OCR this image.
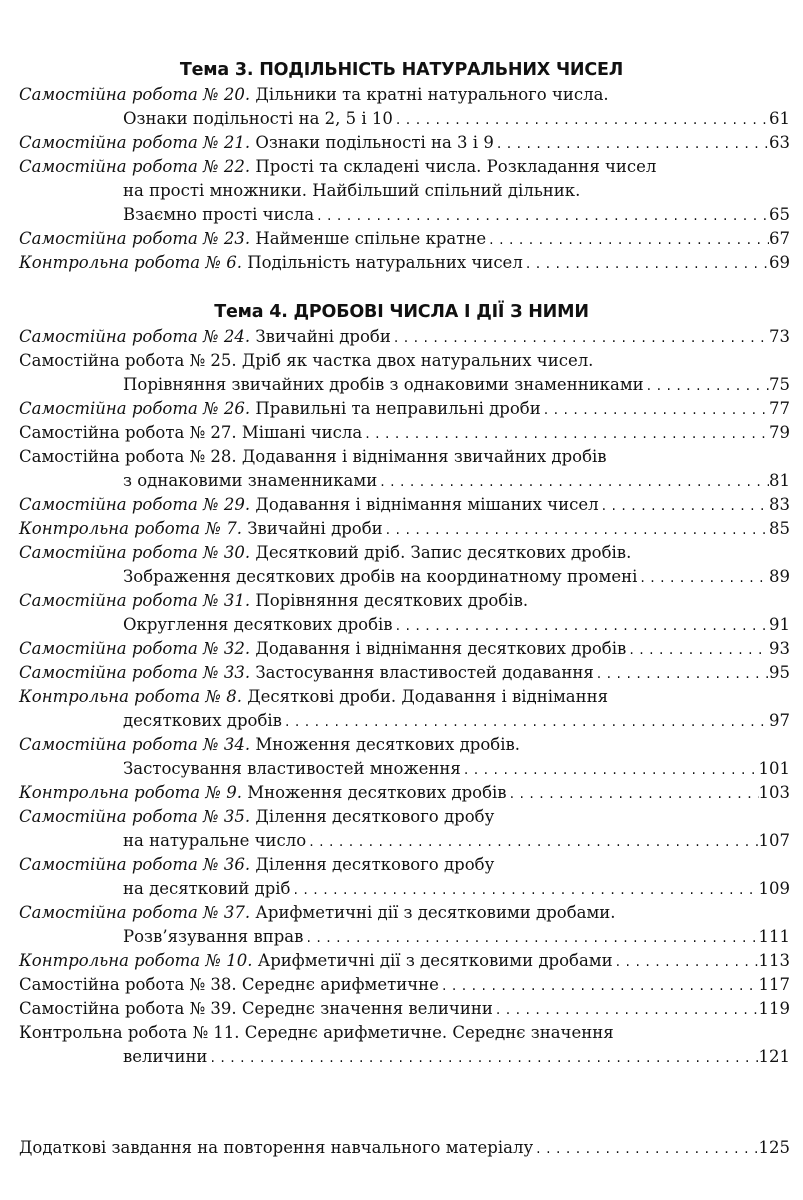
Тема 3. ПОДІЛЬНІСТЬ НАТУРАЛЬНИХ ЧИСЕЛ
Самостійна робота № 20.
Дільники та кратні натурального числа.
Ознаки подільності на 2, 5 і 10 . . .	61
Самостійна робота № 21.
Ознаки подільності на 3 і 9 . . .	63
Самостійна робота № 22.
Прості та складені числа. Розкладання чисел
на прості множники. Найбільший спільний дільник.
Взаємно прості числа . . .	65
Самостійна робота № 23.
Найменше спільне кратне . . .	67
Контрольна робота № 6.
Подільність натуральних чисел . . .	69
Тема 4. ДРОБОВІ ЧИСЛА І ДІЇ З НИМИ
Самостійна робота № 24.
Звичайні дроби . . .	73
Самостійна робота № 25. Дріб як частка двох натуральних чисел.
Порівняння звичайних дробів з однаковими знаменниками . . .	75
Самостійна робота № 26.
Правильні та неправильні дроби . . .	77
Самостійна робота № 27. Мішані числа . . .	79
Самостійна робота № 28. Додавання і віднімання звичайних дробів
з однаковими знаменниками . . .	81
Самостійна робота № 29.
Додавання і віднімання мішаних чисел . . .	83
Контрольна робота № 7.
Звичайні дроби . . .	85
Самостійна робота № 30.
Десятковий дріб. Запис десяткових дробів.
Зображення десяткових дробів на координатному промені . . .	89
Самостійна робота № 31.
Порівняння десяткових дробів.
Округлення десяткових дробів . . .	91
Самостійна робота № 32.
Додавання і віднімання десяткових дробів . . .	93
Самостійна робота № 33.
Застосування властивостей додавання . . .	95
Контрольна робота № 8.
Десяткові дроби. Додавання і віднімання
десяткових дробів . . .	97
Самостійна робота № 34.
Множення десяткових дробів.
Застосування властивостей множення . . .	101
Контрольна робота № 9.
Множення десяткових дробів . . .	103
Самостійна робота № 35.
Ділення десяткового дробу
на натуральне число . . .	107
Самостійна робота № 36.
Ділення десяткового дробу
на десятковий дріб . . .	109
Самостійна робота № 37.
Арифметичні дії з десятковими дробами.
Розв’язування вправ . . .	111
Контрольна робота № 10.
Арифметичні дії з десятковими дробами . . .	113
Самостійна робота № 38. Середнє арифметичне . . .	117
Самостійна робота № 39. Середнє значення величини . . .	119
Контрольна робота № 11. Середнє арифметичне. Середнє значення
величини . . .	121
Додаткові завдання на повторення навчального матеріалу . . .	125
